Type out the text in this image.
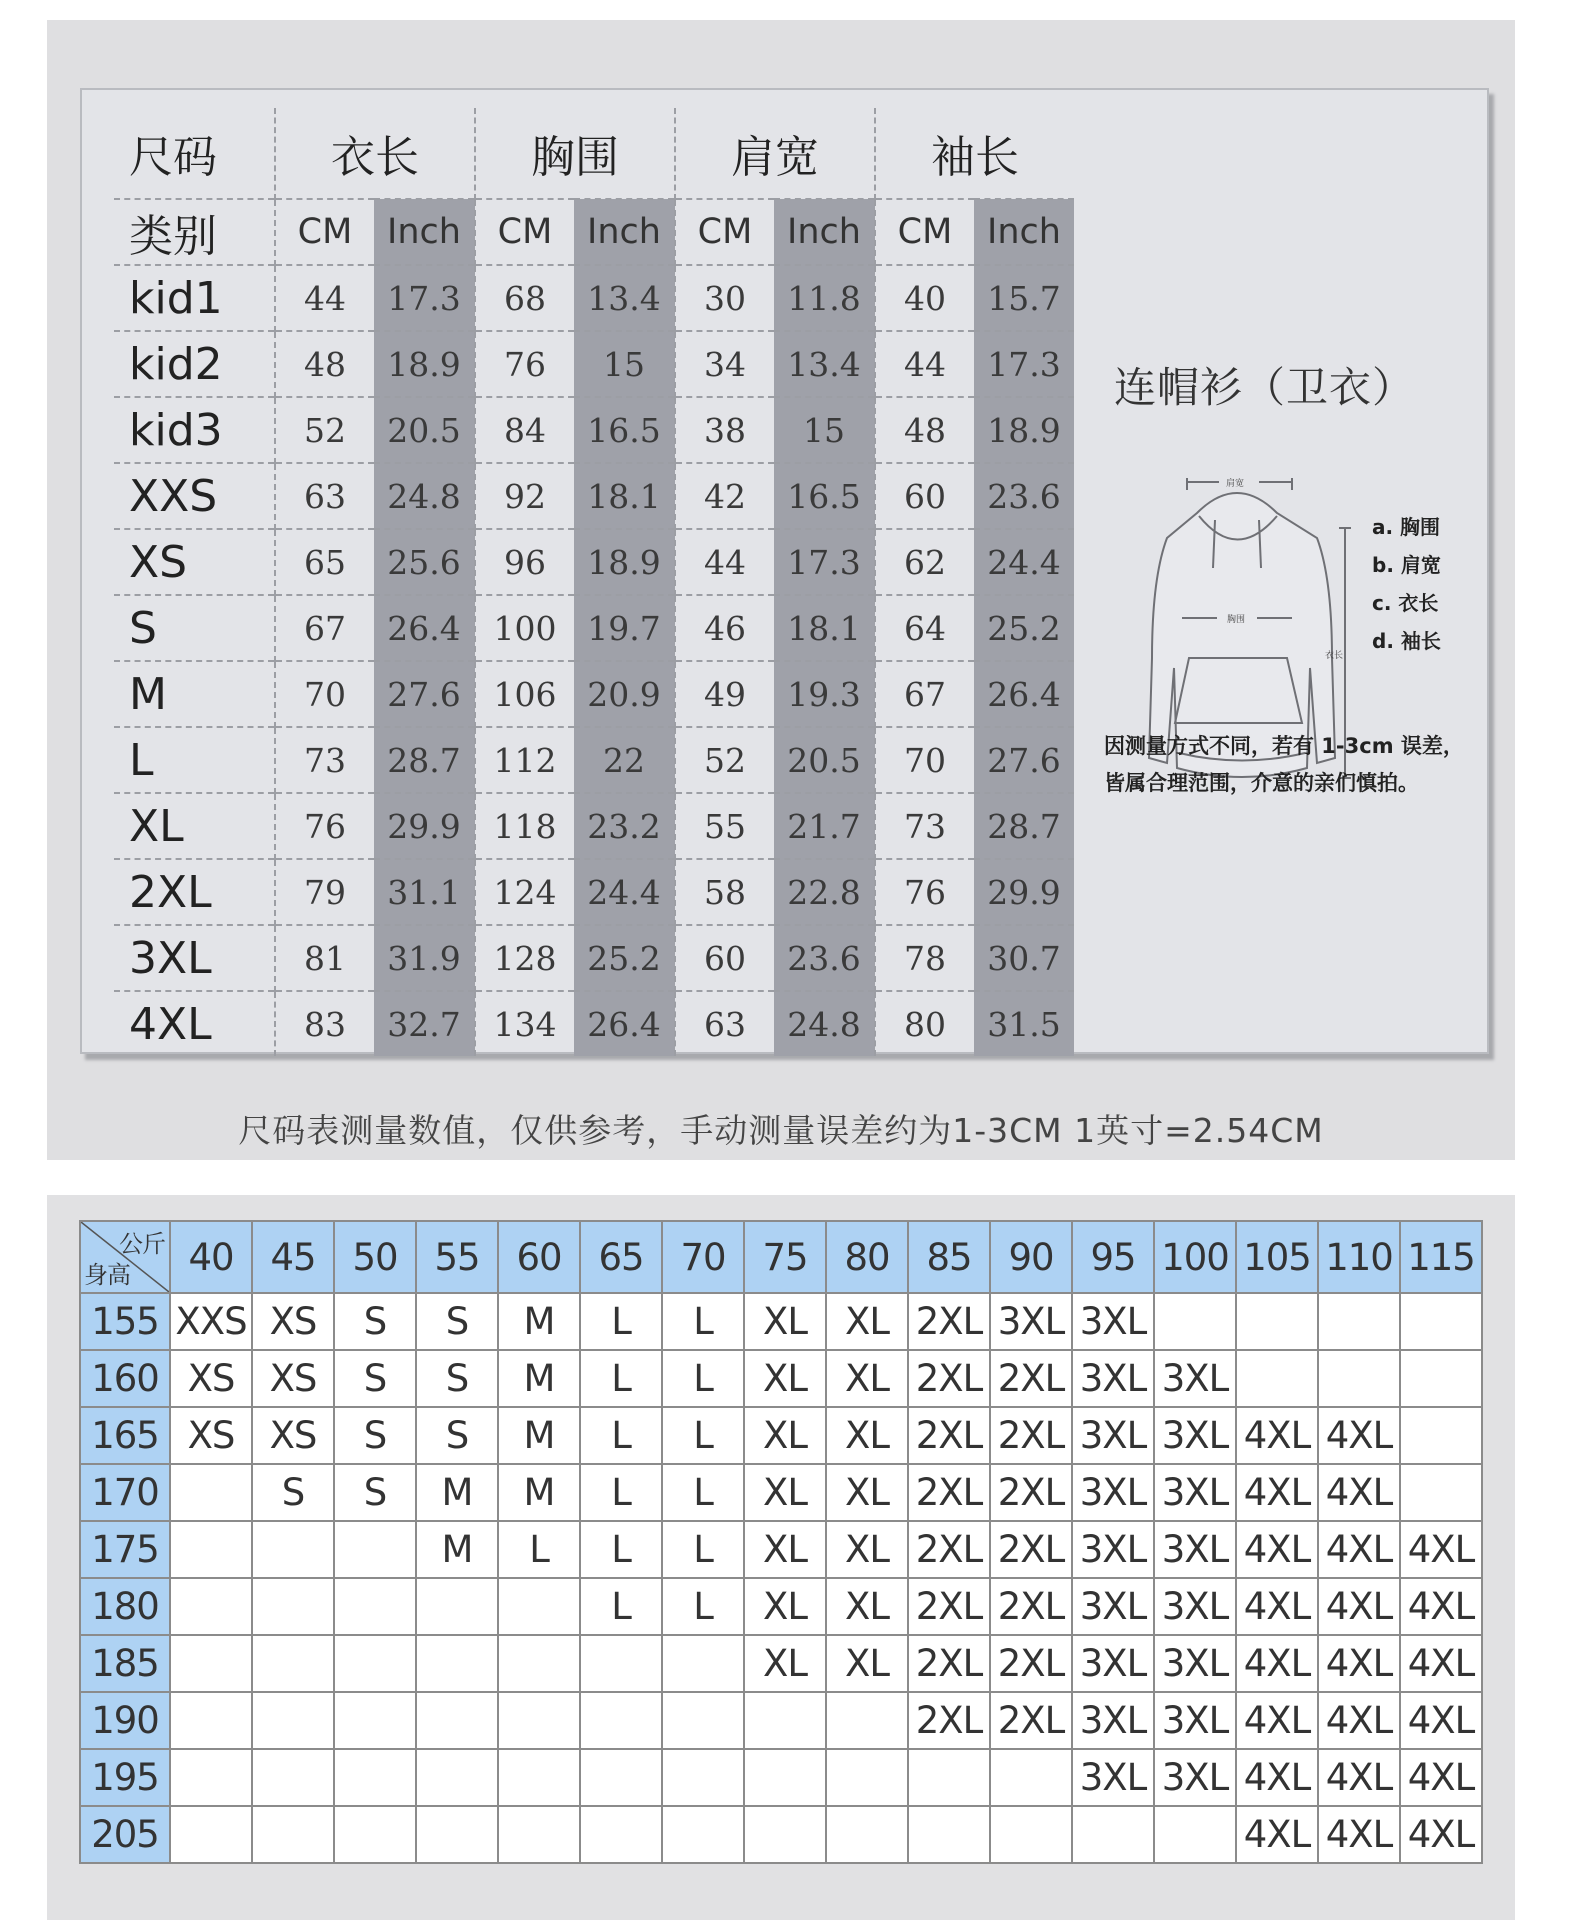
尺码	衣长		胸围		肩宽		袖长	
类别	CM	Inch	CM	Inch	CM	Inch	CM	Inch
kid1	44	17.3	68	13.4	30	11.8	40	15.7
kid2	48	18.9	76	15	34	13.4	44	17.3
kid3	52	20.5	84	16.5	38	15	48	18.9
XXS	63	24.8	92	18.1	42	16.5	60	23.6
XS	65	25.6	96	18.9	44	17.3	62	24.4
S	67	26.4	100	19.7	46	18.1	64	25.2
M	70	27.6	106	20.9	49	19.3	67	26.4
L	73	28.7	112	22	52	20.5	70	27.6
XL	76	29.9	118	23.2	55	21.7	73	28.7
2XL	79	31.1	124	24.4	58	22.8	76	29.9
3XL	81	31.9	128	25.2	60	23.6	78	30.7
4XL	83	32.7	134	26.4	63	24.8	80	31.5
连帽衫（卫衣）
肩宽
胸围
衣长
a. 胸围
b. 肩宽
c. 衣长
d. 袖长
因测量方式不同，若有 1-3cm 误差，
皆属合理范围，介意的亲们慎拍。
尺码表测量数值，仅供参考，手动测量误差约为1-3CM 1英寸=2.54CM
公斤
身高	40	45	50	55	60	65	70	75	80	85	90	95	100	105	110	115
155	XXS	XS	S	S	M	L	L	XL	XL	2XL	3XL	3XL				
160	XS	XS	S	S	M	L	L	XL	XL	2XL	2XL	3XL	3XL			
165	XS	XS	S	S	M	L	L	XL	XL	2XL	2XL	3XL	3XL	4XL	4XL	
170		S	S	M	M	L	L	XL	XL	2XL	2XL	3XL	3XL	4XL	4XL	
175				M	L	L	L	XL	XL	2XL	2XL	3XL	3XL	4XL	4XL	4XL
180						L	L	XL	XL	2XL	2XL	3XL	3XL	4XL	4XL	4XL
185								XL	XL	2XL	2XL	3XL	3XL	4XL	4XL	4XL
190										2XL	2XL	3XL	3XL	4XL	4XL	4XL
195												3XL	3XL	4XL	4XL	4XL
205														4XL	4XL	4XL
